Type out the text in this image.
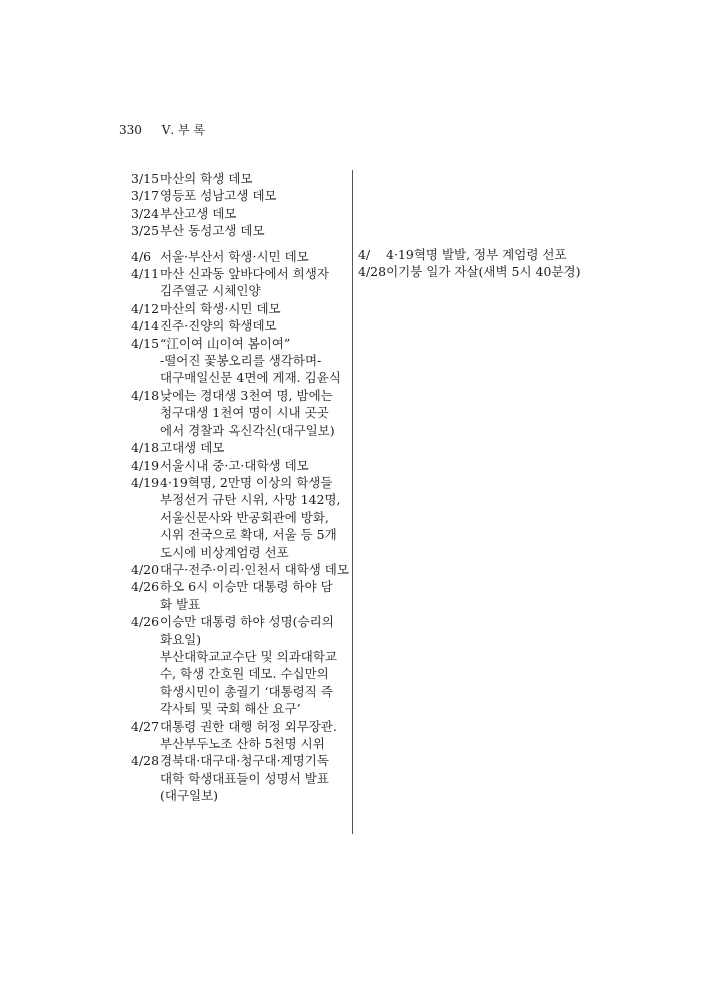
330 Ⅴ. 부 록
3/15 마산의 학생 데모
3/17 영등포 성남고생 데모
3/24 부산고생 데모
3/25 부산 동성고생 데모
4/6 서울·부산서 학생·시민 데모
4/11 마산 신과동 앞바다에서 희생자
김주열군 시체인양
4/12 마산의 학생·시민 데모
4/14 진주·진양의 학생데모
4/15 “江이여 山이여 봄이여”
-떨어진 꽃봉오리를 생각하며-
대구매일신문 4면에 게재. 김윤식
4/18 낮에는 경대생 3천여 명, 밤에는
청구대생 1천여 명이 시내 곳곳
에서 경찰과 옥신각신(대구일보)
4/18 고대생 데모
4/19 서울시내 중·고·대학생 데모
4/19 4·19혁명, 2만명 이상의 학생들
부정선거 규탄 시위, 사망 142명,
서울신문사와 반공회관에 방화,
시위 전국으로 확대, 서울 등 5개
도시에 비상계엄령 선포
4/20 대구·전주·이리·인천서 대학생 데모
4/26 하오 6시 이승만 대통령 하야 담
화 발표
4/26 이승만 대통령 하야 성명(승리의
화요일)
부산대학교교수단 및 의과대학교
수, 학생 간호원 데모. 수십만의
학생시민이 총궐기 ‘대통령직 즉
각사퇴 및 국회 해산 요구’
4/27 대통령 권한 대행 허정 외무장관.
부산부두노조 산하 5천명 시위
4/28 경북대·대구대·청구대·계명기독
대학 학생대표들이 성명서 발표
(대구일보)
4/	4·19혁명 발발, 정부 계엄령 선포
4/28 이기붕 일가 자살(새벽 5시 40분경)
